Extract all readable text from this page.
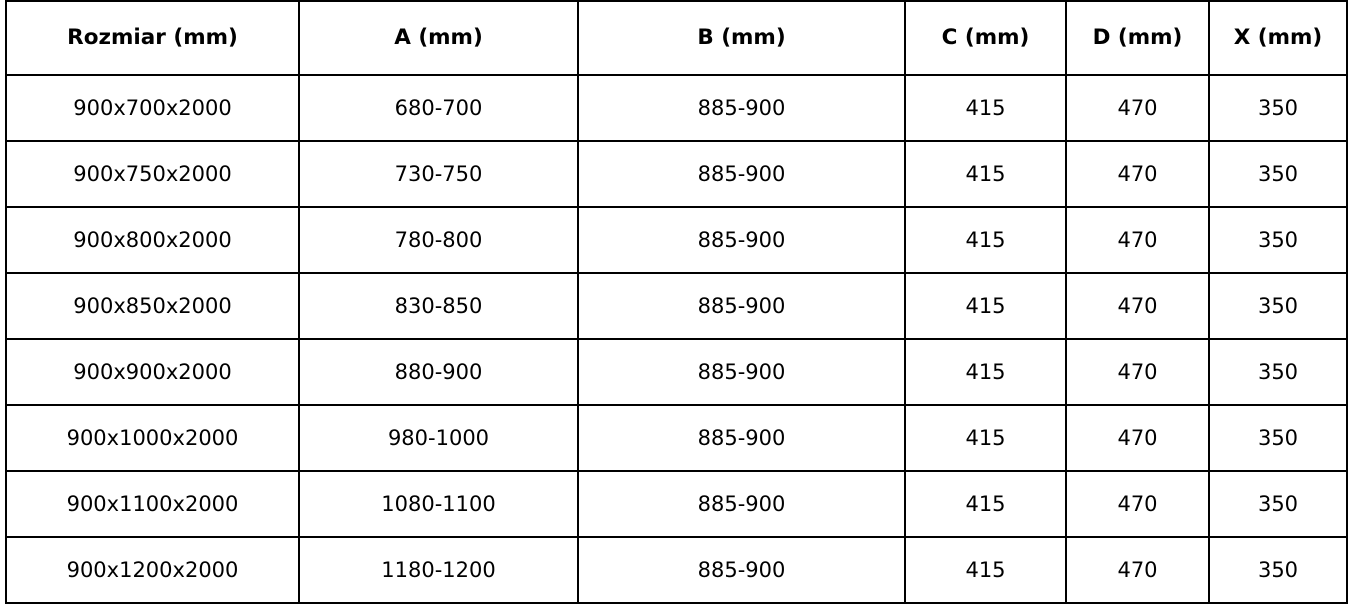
Rozmiar (mm)	A (mm)	B (mm)	C (mm)	D (mm)	X (mm)
900x700x2000	680-700	885-900	415	470	350
900x750x2000	730-750	885-900	415	470	350
900x800x2000	780-800	885-900	415	470	350
900x850x2000	830-850	885-900	415	470	350
900x900x2000	880-900	885-900	415	470	350
900x1000x2000	980-1000	885-900	415	470	350
900x1100x2000	1080-1100	885-900	415	470	350
900x1200x2000	1180-1200	885-900	415	470	350
